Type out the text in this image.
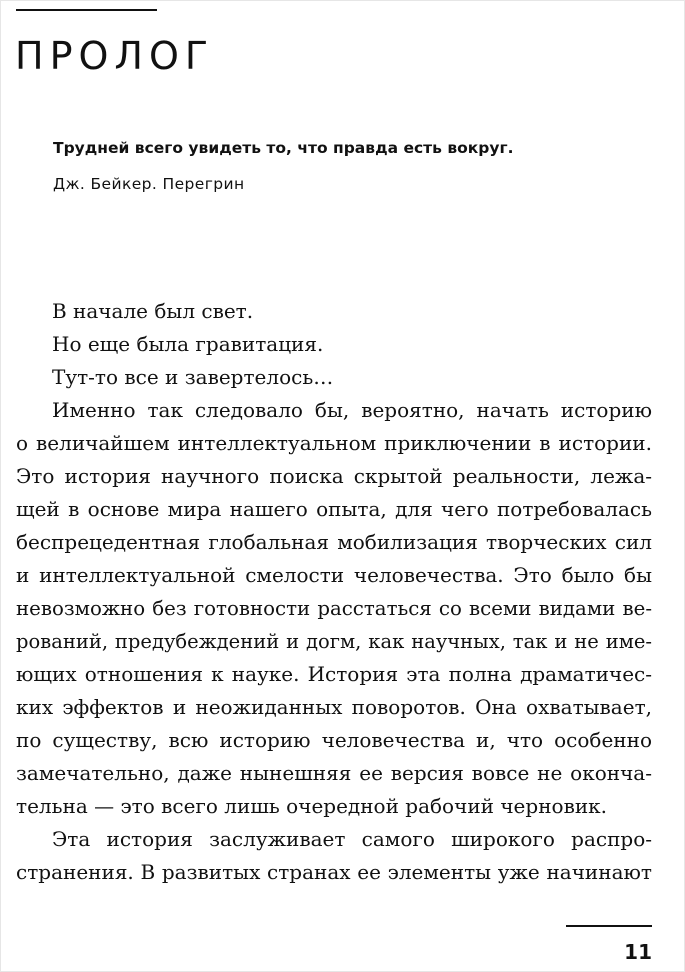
ПРОЛОГ

Трудней всего увидеть то, что правда есть вокруг.

Дж. Бейкер. Перегрин

В начале был свет.
Но еще была гравитация.
Тут-то все и завертелось…
Именно так следовало бы, вероятно, начать историю
о величайшем интеллектуальном приключении в истории.
Это история научного поиска скрытой реальности, лежа-
щей в основе мира нашего опыта, для чего потребовалась
беспрецедентная глобальная мобилизация творческих сил
и интеллектуальной смелости человечества. Это было бы
невозможно без готовности расстаться со всеми видами ве-
рований, предубеждений и догм, как научных, так и не име-
ющих отношения к науке. История эта полна драматичес-
ких эффектов и неожиданных поворотов. Она охватывает,
по существу, всю историю человечества и, что особенно
замечательно, даже нынешняя ее версия вовсе не оконча-
тельна — это всего лишь очередной рабочий черновик.
Эта история заслуживает самого широкого распро-
странения. В развитых странах ее элементы уже начинают
11
